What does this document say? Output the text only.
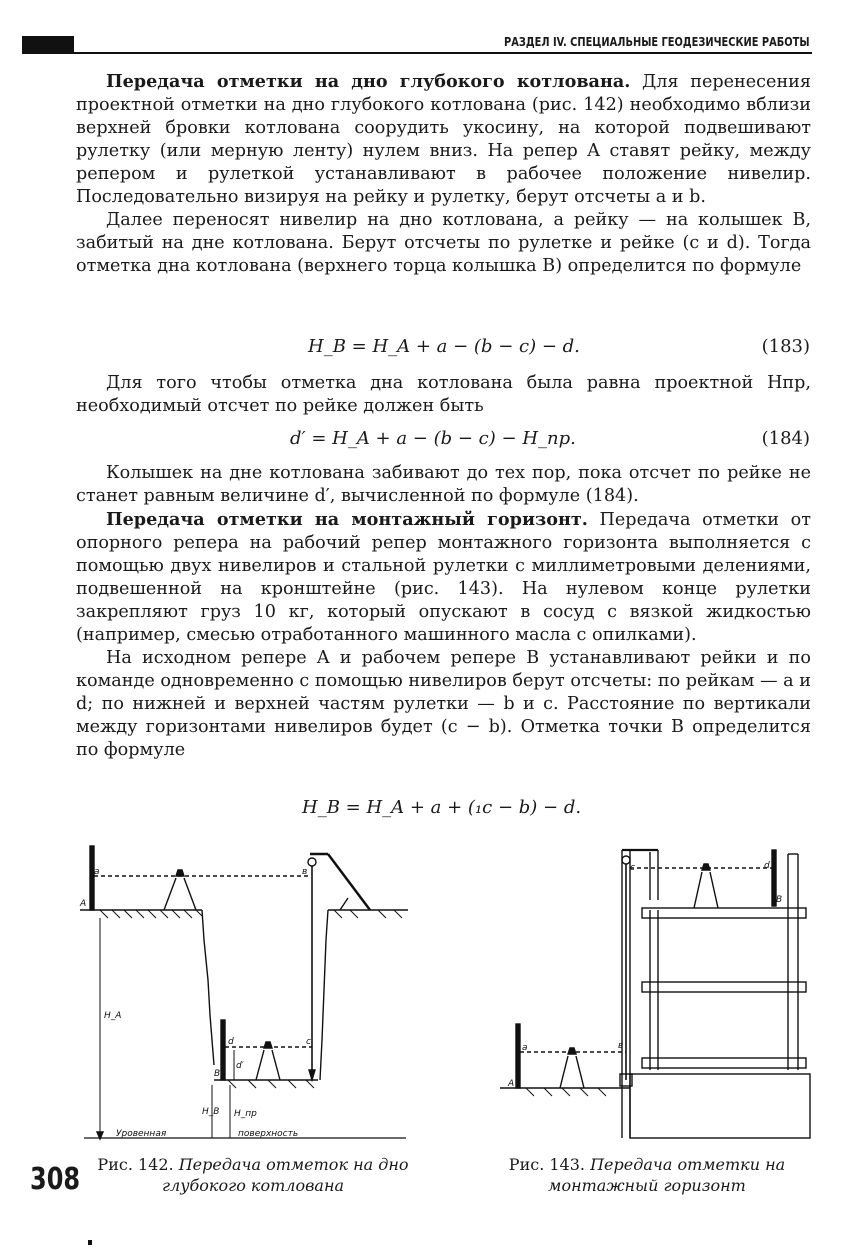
РАЗДЕЛ IV. СПЕЦИАЛЬНЫЕ ГЕОДЕЗИЧЕСКИЕ РАБОТЫ

Передача отметки на дно глубокого котлована. Для перенесения проектной отметки на дно глубокого котлована (рис. 142) необходимо вблизи верхней бровки котлована соорудить укосину, на которой подвешивают рулетку (или мерную ленту) нулем вниз. На репер A ставят рейку, между репером и рулеткой устанавливают в рабочее положение нивелир. Последовательно визируя на рейку и рулетку, берут отсчеты a и b.

Далее переносят нивелир на дно котлована, а рейку — на колышек B, забитый на дне котлована. Берут отсчеты по рулетке и рейке (c и d). Тогда отметка дна котлована (верхнего торца колышка B) определится по формуле

H_B = H_A + a − (b − c) − d.	(183)

Для того чтобы отметка дна котлована была равна проектной Hпр, необходимый отсчет по рейке должен быть

d′ = H_A + a − (b − c) − H_пр.	(184)

Колышек на дне котлована забивают до тех пор, пока отсчет по рейке не станет равным величине d′, вычисленной по формуле (184).

Передача отметки на монтажный горизонт. Передача отметки от опорного репера на рабочий репер монтажного горизонта выполняется с помощью двух нивелиров и стальной рулетки с миллиметровыми делениями, подвешенной на кронштейне (рис. 143). На нулевом конце рулетки закрепляют груз 10 кг, который опускают в сосуд с вязкой жидкостью (например, смесью отработанного машинного масла с опилками).

На исходном репере A и рабочем репере B устанавливают рейки и по команде одновременно с помощью нивелиров берут отсчеты: по рейкам — a и d; по нижней и верхней частям рулетки — b и c. Расстояние по вертикали между горизонтами нивелиров будет (c − b). Отметка точки B определится по формуле

H_B = H_A + a + (₁c − b) − d.
a	в
A
H_A
d	c
d′
B
H_B H_пр
Уровенная	поверхность
Рис. 142. Передача отметок на дно глубокого котлована
c	d
B
a	в
A
Рис. 143. Передача отметки на монтажный горизонт
308
